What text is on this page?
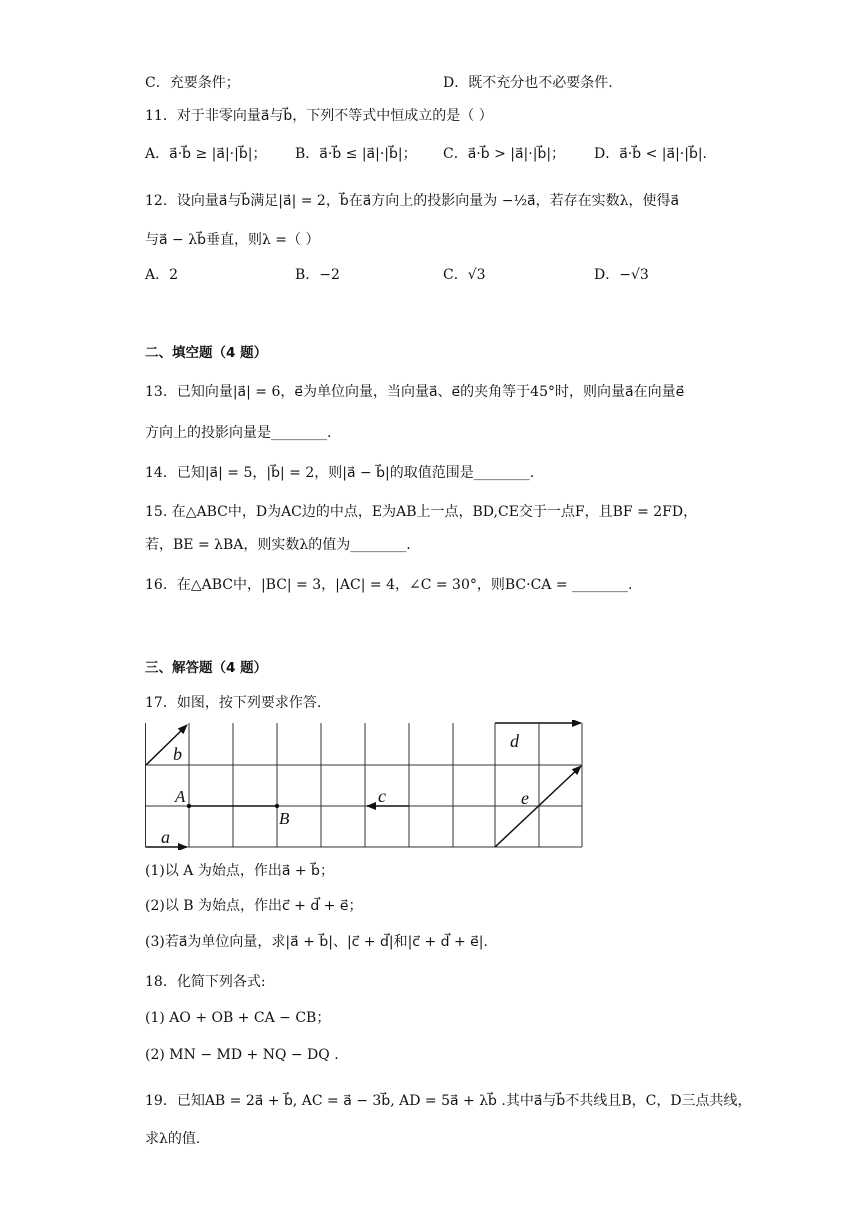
C．充要条件；	D．既不充分也不必要条件.
11．对于非零向量a⃗与b⃗，下列不等式中恒成立的是（ ）
A．a⃗·b⃗ ≥ |a⃗|·|b⃗|； B．a⃗·b⃗ ≤ |a⃗|·|b⃗|； C．a⃗·b⃗ > |a⃗|·|b⃗|； D．a⃗·b⃗ < |a⃗|·|b⃗|.
12．设向量a⃗与b⃗满足|a⃗| = 2，b⃗在a⃗方向上的投影向量为 −½a⃗，若存在实数λ，使得a⃗
与a⃗ − λb⃗垂直，则λ =（ ）
A．2	B．−2	C．√3	D．−√3
二、填空题（4 题）
13．已知向量|a⃗| = 6，e⃗为单位向量，当向量a⃗、e⃗的夹角等于45°时，则向量a⃗在向量e⃗
方向上的投影向量是________.
14．已知|a⃗| = 5，|b⃗| = 2，则|a⃗ − b⃗|的取值范围是________.
15. 在△ABC中，D为AC边的中点，E为AB上一点，BD,CE交于一点F，且BF = 2FD，
若，BE = λBA，则实数λ的值为________.
16．在△ABC中，|BC| = 3，|AC| = 4，∠C = 30°，则BC·CA = ________.
三、解答题（4 题）
17．如图，按下列要求作答.
b⃗
d⃗
e⃗
c⃗
a⃗
A
B
(1)以 A 为始点，作出a⃗ + b⃗；
(2)以 B 为始点，作出c⃗ + d⃗ + e⃗；
(3)若a⃗为单位向量，求|a⃗ + b⃗|、|c⃗ + d⃗|和|c⃗ + d⃗ + e⃗|.
18．化简下列各式:
(1) AO + OB + CA − CB；
(2) MN − MD + NQ − DQ .
19．已知AB = 2a⃗ + b⃗, AC = a⃗ − 3b⃗, AD = 5a⃗ + λb⃗ .其中a⃗与b⃗不共线且B，C，D三点共线，
求λ的值.
